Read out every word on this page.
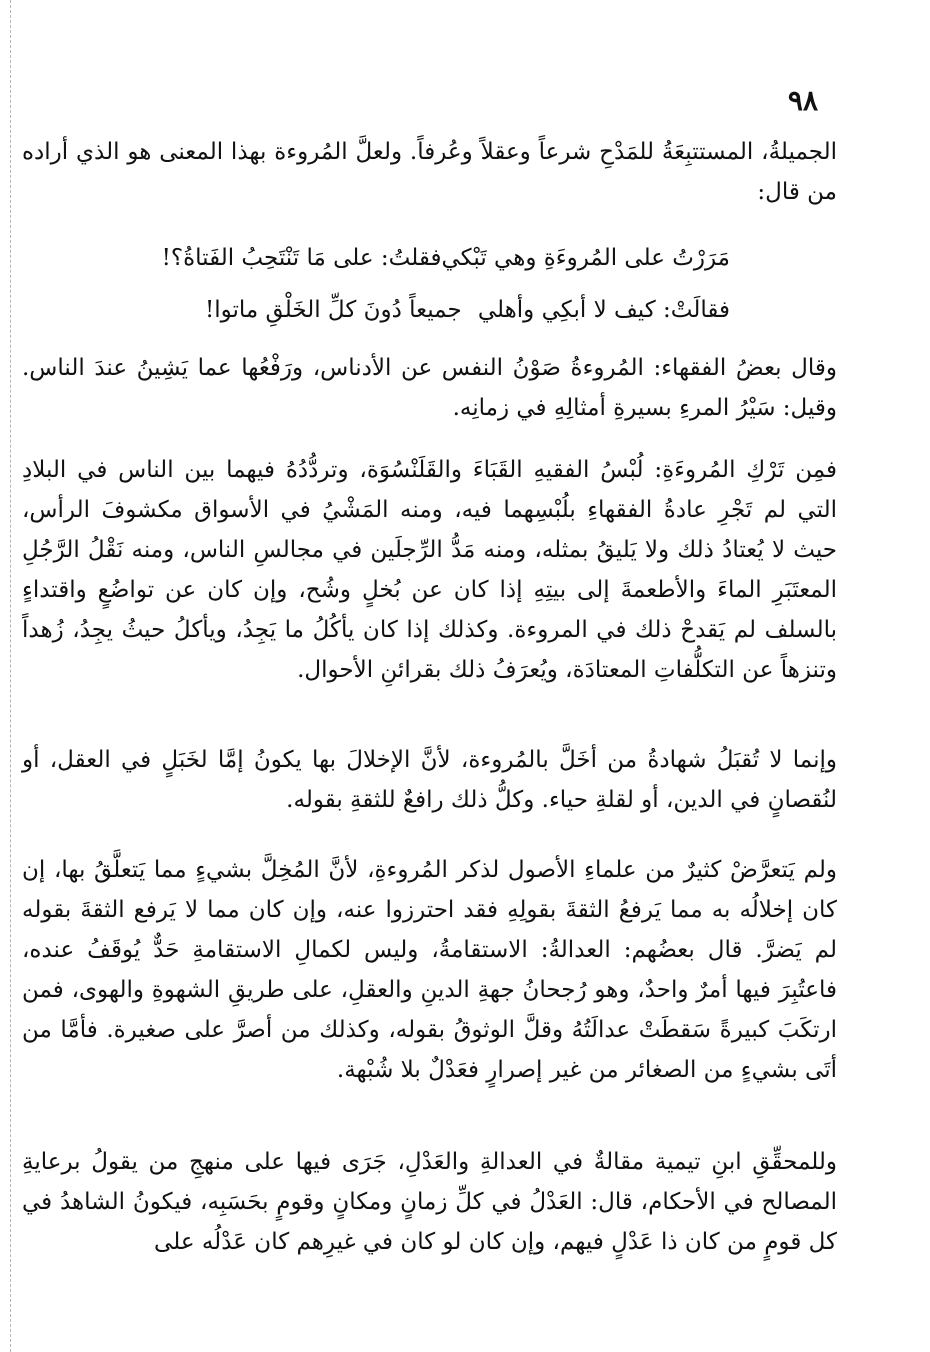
٩٨

الجميلةُ، المستتبِعَةُ للمَدْحِ شرعاً وعقلاً وعُرفاً. ولعلَّ المُروءة بهذا المعنى هو الذي أراده من قال:

مَرَرْتُ على المُروءَةِ وهي تَبْكي
فقلتُ: على مَا تَنْتَحِبُ الفَتاةُ؟!
فقالَتْ: كيف لا أبكِي وأهلي
جميعاً دُونَ كلِّ الخَلْقِ ماتوا!

وقال بعضُ الفقهاء: المُروءةُ صَوْنُ النفس عن الأدناس، ورَفْعُها عما يَشِينُ عندَ الناس. وقيل: سَيْرُ المرءِ بسيرةِ أمثالِهِ في زمانِه.

فمِن تَرْكِ المُروءَةِ: لُبْسُ الفقيهِ القَبَاءَ والقَلَنْسُوَة، وتردُّدُهُ فيهما بين الناس في البلادِ التي لم تَجْرِ عادةُ الفقهاءِ بلُبْسِهما فيه، ومنه المَشْيُ في الأسواق مكشوفَ الرأس، حيث لا يُعتادُ ذلك ولا يَليقُ بمثله، ومنه مَدُّ الرِّجلَين في مجالسِ الناس، ومنه نَقْلُ الرَّجُلِ المعتَبَرِ الماءَ والأطعمةَ إلى بيتِهِ إذا كان عن بُخلٍ وشُح، وإن كان عن تواضُعٍ واقتداءٍ بالسلف لم يَقدحْ ذلك في المروءة. وكذلك إذا كان يأكُلُ ما يَجِدُ، ويأكلُ حيثُ يجِدُ، زُهداً وتنزهاً عن التكلُّفاتِ المعتادَة، ويُعرَفُ ذلك بقرائنِ الأحوال.

وإنما لا تُقبَلُ شهادةُ من أخَلَّ بالمُروءة، لأنَّ الإخلالَ بها يكونُ إمَّا لخَبَلٍ في العقل، أو لنُقصانٍ في الدين، أو لقلةِ حياء. وكلُّ ذلك رافعٌ للثقةِ بقوله.

ولم يَتعرَّضْ كثيرٌ من علماءِ الأصول لذكر المُروءةِ، لأنَّ المُخِلَّ بشيءٍ مما يَتعلَّقُ بها، إن كان إخلالُه به مما يَرفعُ الثقةَ بقولِهِ فقد احترزوا عنه، وإن كان مما لا يَرفع الثقةَ بقوله لم يَضرَّ. قال بعضُهم: العدالةُ: الاستقامةُ، وليس لكمالِ الاستقامةِ حَدٌّ يُوقَفُ عنده، فاعتُبِرَ فيها أمرٌ واحدٌ، وهو رُجحانُ جهةِ الدينِ والعقلِ، على طريقِ الشهوةِ والهوى، فمن ارتكَبَ كبيرةً سَقطَتْ عدالَتُهُ وقلَّ الوثوقُ بقوله، وكذلك من أصرَّ على صغيرة. فأمَّا من أتَى بشيءٍ من الصغائر من غير إصرارٍ فعَدْلٌ بلا شُبْهة.

وللمحقِّقِ ابنِ تيمية مقالةٌ في العدالةِ والعَدْلِ، جَرَى فيها على منهجِ من يقولُ برعايةِ المصالح في الأحكام، قال: العَدْلُ في كلِّ زمانٍ ومكانٍ وقومٍ بحَسَبِه، فيكونُ الشاهدُ في كل قومٍ من كان ذا عَدْلٍ فيهم، وإن كان لو كان في غيرِهم كان عَدْلُه على
